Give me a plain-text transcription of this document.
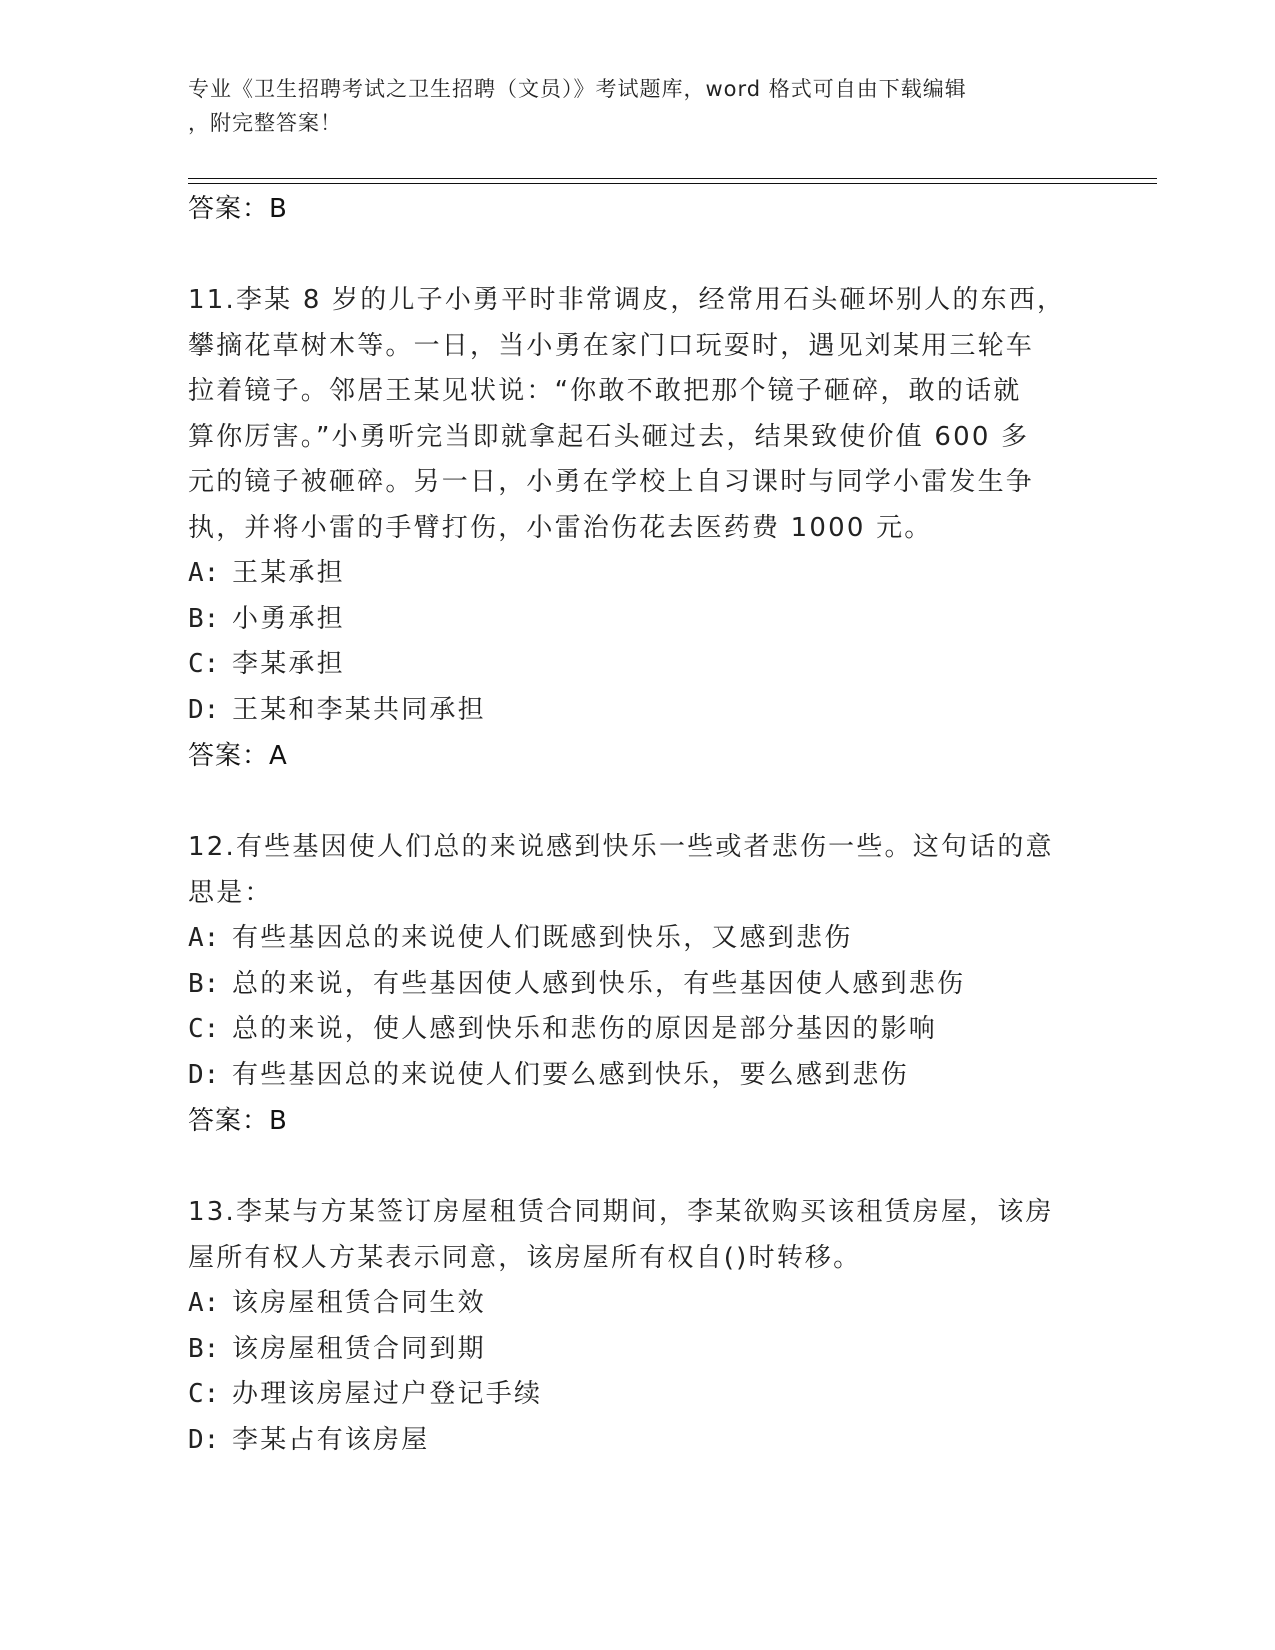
专业《卫生招聘考试之卫生招聘（文员）》考试题库，word 格式可自由下载编辑
，附完整答案！
答案：B
11.李某 8 岁的儿子小勇平时非常调皮，经常用石头砸坏别人的东西，
攀摘花草树木等。一日，当小勇在家门口玩耍时，遇见刘某用三轮车
拉着镜子。邻居王某见状说：“你敢不敢把那个镜子砸碎，敢的话就
算你厉害。”小勇听完当即就拿起石头砸过去，结果致使价值 600 多
元的镜子被砸碎。另一日，小勇在学校上自习课时与同学小雷发生争
执，并将小雷的手臂打伤，小雷治伤花去医药费 1000 元。
A: 王某承担
B: 小勇承担
C: 李某承担
D: 王某和李某共同承担
答案：A
12.有些基因使人们总的来说感到快乐一些或者悲伤一些。这句话的意
思是：
A: 有些基因总的来说使人们既感到快乐，又感到悲伤
B: 总的来说，有些基因使人感到快乐，有些基因使人感到悲伤
C: 总的来说，使人感到快乐和悲伤的原因是部分基因的影响
D: 有些基因总的来说使人们要么感到快乐，要么感到悲伤
答案：B
13.李某与方某签订房屋租赁合同期间，李某欲购买该租赁房屋，该房
屋所有权人方某表示同意，该房屋所有权自()时转移。
A: 该房屋租赁合同生效
B: 该房屋租赁合同到期
C: 办理该房屋过户登记手续
D: 李某占有该房屋
